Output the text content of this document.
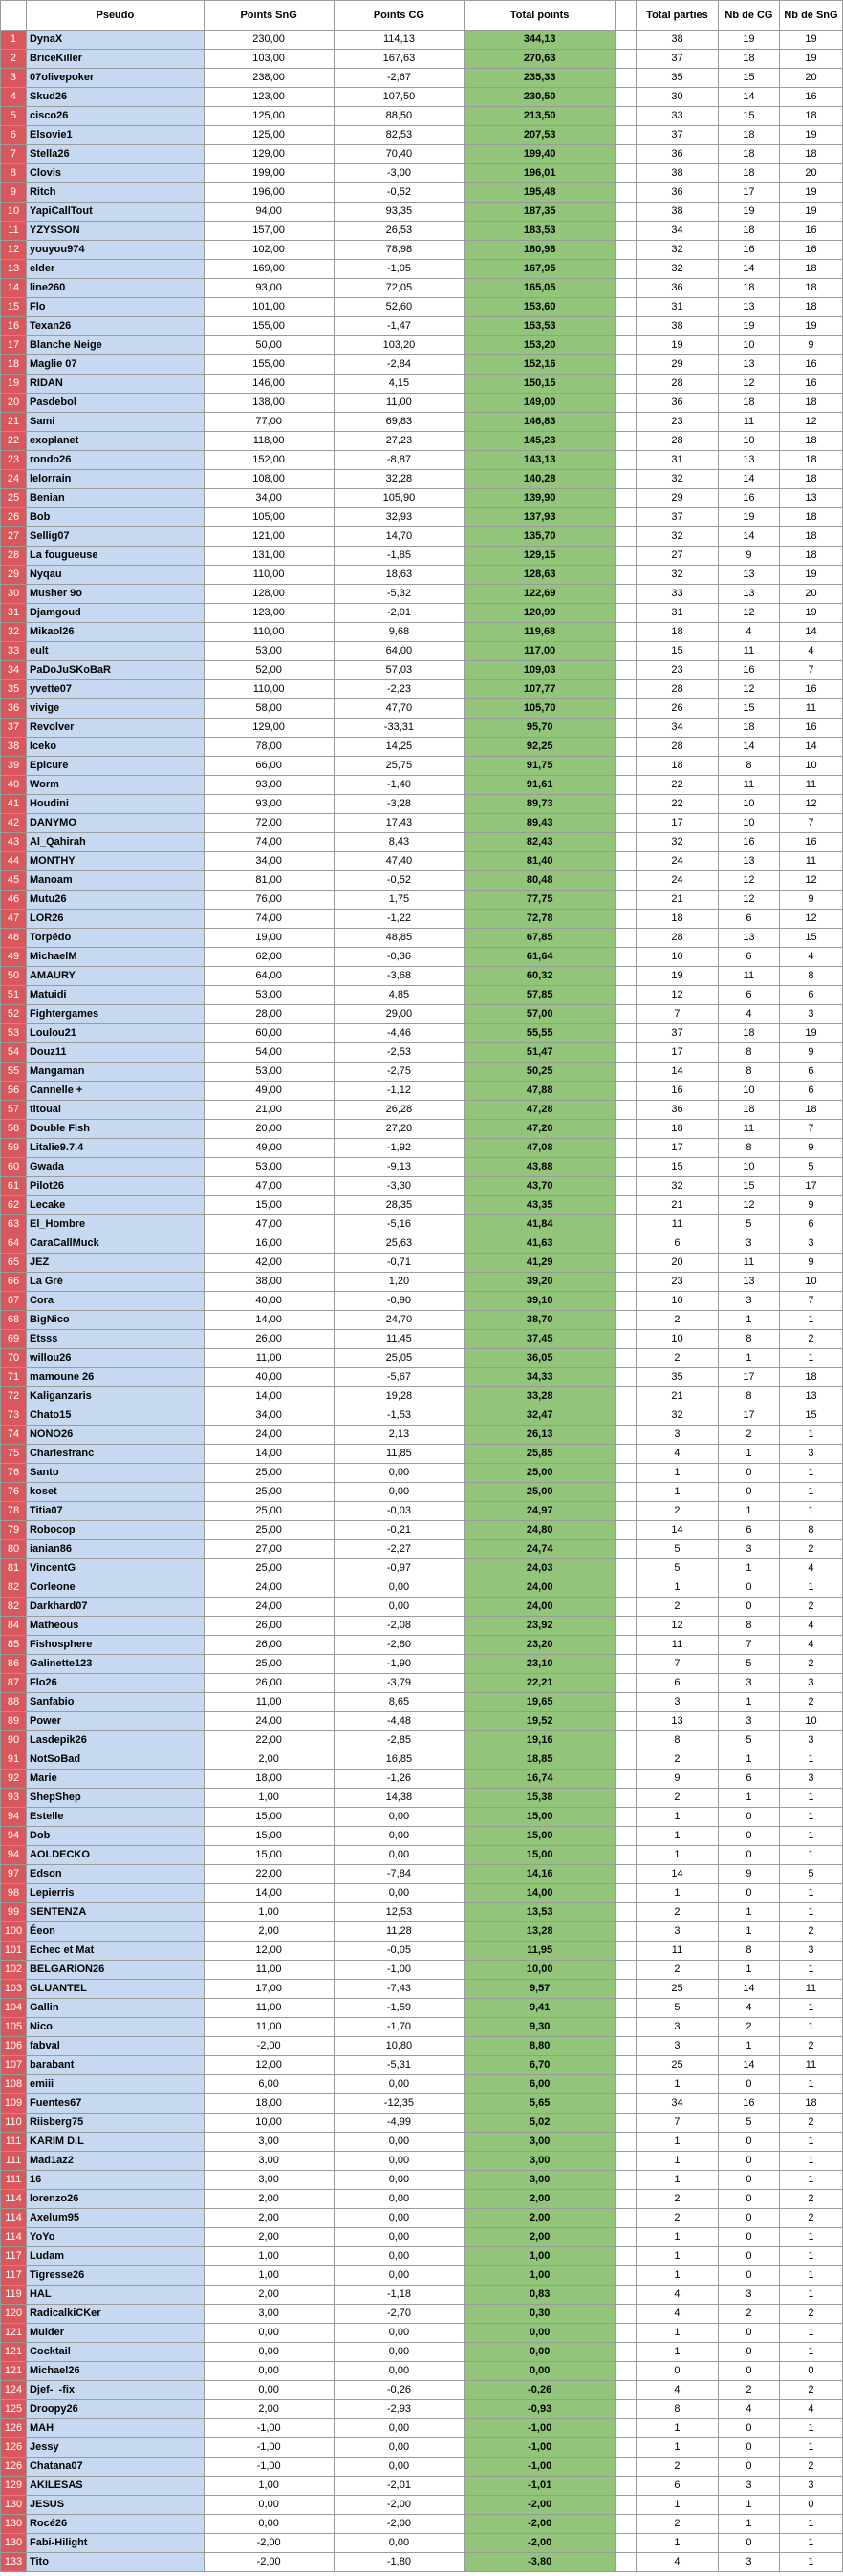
	Pseudo	Points SnG	Points CG	Total points		Total parties	Nb de CG	Nb de SnG
1	DynaX	230,00	114,13	344,13		38	19	19
2	BriceKiller	103,00	167,63	270,63		37	18	19
3	07olivepoker	238,00	-2,67	235,33		35	15	20
4	Skud26	123,00	107,50	230,50		30	14	16
5	cisco26	125,00	88,50	213,50		33	15	18
6	Elsovie1	125,00	82,53	207,53		37	18	19
7	Stella26	129,00	70,40	199,40		36	18	18
8	Clovis	199,00	-3,00	196,01		38	18	20
9	Ritch	196,00	-0,52	195,48		36	17	19
10	YapiCallTout	94,00	93,35	187,35		38	19	19
11	YZYSSON	157,00	26,53	183,53		34	18	16
12	youyou974	102,00	78,98	180,98		32	16	16
13	elder	169,00	-1,05	167,95		32	14	18
14	line260	93,00	72,05	165,05		36	18	18
15	Flo_	101,00	52,60	153,60		31	13	18
16	Texan26	155,00	-1,47	153,53		38	19	19
17	Blanche Neige	50,00	103,20	153,20		19	10	9
18	Maglie 07	155,00	-2,84	152,16		29	13	16
19	RIDAN	146,00	4,15	150,15		28	12	16
20	Pasdebol	138,00	11,00	149,00		36	18	18
21	Sami	77,00	69,83	146,83		23	11	12
22	exoplanet	118,00	27,23	145,23		28	10	18
23	rondo26	152,00	-8,87	143,13		31	13	18
24	lelorrain	108,00	32,28	140,28		32	14	18
25	Benian	34,00	105,90	139,90		29	16	13
26	Bob	105,00	32,93	137,93		37	19	18
27	Sellig07	121,00	14,70	135,70		32	14	18
28	La fougueuse	131,00	-1,85	129,15		27	9	18
29	Nyqau	110,00	18,63	128,63		32	13	19
30	Musher 9o	128,00	-5,32	122,69		33	13	20
31	Djamgoud	123,00	-2,01	120,99		31	12	19
32	Mikaol26	110,00	9,68	119,68		18	4	14
33	eult	53,00	64,00	117,00		15	11	4
34	PaDoJuSKoBaR	52,00	57,03	109,03		23	16	7
35	yvette07	110,00	-2,23	107,77		28	12	16
36	vivige	58,00	47,70	105,70		26	15	11
37	Revolver	129,00	-33,31	95,70		34	18	16
38	Iceko	78,00	14,25	92,25		28	14	14
39	Epicure	66,00	25,75	91,75		18	8	10
40	Worm	93,00	-1,40	91,61		22	11	11
41	Houdini	93,00	-3,28	89,73		22	10	12
42	DANYMO	72,00	17,43	89,43		17	10	7
43	Al_Qahirah	74,00	8,43	82,43		32	16	16
44	MONTHY	34,00	47,40	81,40		24	13	11
45	Manoam	81,00	-0,52	80,48		24	12	12
46	Mutu26	76,00	1,75	77,75		21	12	9
47	LOR26	74,00	-1,22	72,78		18	6	12
48	Torpédo	19,00	48,85	67,85		28	13	15
49	MichaelM	62,00	-0,36	61,64		10	6	4
50	AMAURY	64,00	-3,68	60,32		19	11	8
51	Matuidi	53,00	4,85	57,85		12	6	6
52	Fightergames	28,00	29,00	57,00		7	4	3
53	Loulou21	60,00	-4,46	55,55		37	18	19
54	Douz11	54,00	-2,53	51,47		17	8	9
55	Mangaman	53,00	-2,75	50,25		14	8	6
56	Cannelle +	49,00	-1,12	47,88		16	10	6
57	titoual	21,00	26,28	47,28		36	18	18
58	Double Fish	20,00	27,20	47,20		18	11	7
59	Litalie9.7.4	49,00	-1,92	47,08		17	8	9
60	Gwada	53,00	-9,13	43,88		15	10	5
61	Pilot26	47,00	-3,30	43,70		32	15	17
62	Lecake	15,00	28,35	43,35		21	12	9
63	El_Hombre	47,00	-5,16	41,84		11	5	6
64	CaraCallMuck	16,00	25,63	41,63		6	3	3
65	JEZ	42,00	-0,71	41,29		20	11	9
66	La Gré	38,00	1,20	39,20		23	13	10
67	Cora	40,00	-0,90	39,10		10	3	7
68	BigNico	14,00	24,70	38,70		2	1	1
69	Etsss	26,00	11,45	37,45		10	8	2
70	willou26	11,00	25,05	36,05		2	1	1
71	mamoune 26	40,00	-5,67	34,33		35	17	18
72	Kaliganzaris	14,00	19,28	33,28		21	8	13
73	Chato15	34,00	-1,53	32,47		32	17	15
74	NONO26	24,00	2,13	26,13		3	2	1
75	Charlesfranc	14,00	11,85	25,85		4	1	3
76	Santo	25,00	0,00	25,00		1	0	1
76	koset	25,00	0,00	25,00		1	0	1
78	Titia07	25,00	-0,03	24,97		2	1	1
79	Robocop	25,00	-0,21	24,80		14	6	8
80	ianian86	27,00	-2,27	24,74		5	3	2
81	VincentG	25,00	-0,97	24,03		5	1	4
82	Corleone	24,00	0,00	24,00		1	0	1
82	Darkhard07	24,00	0,00	24,00		2	0	2
84	Matheous	26,00	-2,08	23,92		12	8	4
85	Fishosphere	26,00	-2,80	23,20		11	7	4
86	Galinette123	25,00	-1,90	23,10		7	5	2
87	Flo26	26,00	-3,79	22,21		6	3	3
88	Sanfabio	11,00	8,65	19,65		3	1	2
89	Power	24,00	-4,48	19,52		13	3	10
90	Lasdepik26	22,00	-2,85	19,16		8	5	3
91	NotSoBad	2,00	16,85	18,85		2	1	1
92	Marie	18,00	-1,26	16,74		9	6	3
93	ShepShep	1,00	14,38	15,38		2	1	1
94	Estelle	15,00	0,00	15,00		1	0	1
94	Dob	15,00	0,00	15,00		1	0	1
94	AOLDECKO	15,00	0,00	15,00		1	0	1
97	Edson	22,00	-7,84	14,16		14	9	5
98	Lepierris	14,00	0,00	14,00		1	0	1
99	SENTENZA	1,00	12,53	13,53		2	1	1
100	Éeon	2,00	11,28	13,28		3	1	2
101	Echec et Mat	12,00	-0,05	11,95		11	8	3
102	BELGARION26	11,00	-1,00	10,00		2	1	1
103	GLUANTEL	17,00	-7,43	9,57		25	14	11
104	Gallin	11,00	-1,59	9,41		5	4	1
105	Nico	11,00	-1,70	9,30		3	2	1
106	fabval	-2,00	10,80	8,80		3	1	2
107	barabant	12,00	-5,31	6,70		25	14	11
108	emiii	6,00	0,00	6,00		1	0	1
109	Fuentes67	18,00	-12,35	5,65		34	16	18
110	Riisberg75	10,00	-4,99	5,02		7	5	2
111	KARIM D.L	3,00	0,00	3,00		1	0	1
111	Mad1az2	3,00	0,00	3,00		1	0	1
111	16	3,00	0,00	3,00		1	0	1
114	lorenzo26	2,00	0,00	2,00		2	0	2
114	Axelum95	2,00	0,00	2,00		2	0	2
114	YoYo	2,00	0,00	2,00		1	0	1
117	Ludam	1,00	0,00	1,00		1	0	1
117	Tigresse26	1,00	0,00	1,00		1	0	1
119	HAL	2,00	-1,18	0,83		4	3	1
120	RadicalkiCKer	3,00	-2,70	0,30		4	2	2
121	Mulder	0,00	0,00	0,00		1	0	1
121	Cocktail	0,00	0,00	0,00		1	0	1
121	Michael26	0,00	0,00	0,00		0	0	0
124	Djef-_-fix	0,00	-0,26	-0,26		4	2	2
125	Droopy26	2,00	-2,93	-0,93		8	4	4
126	MAH	-1,00	0,00	-1,00		1	0	1
126	Jessy	-1,00	0,00	-1,00		1	0	1
126	Chatana07	-1,00	0,00	-1,00		2	0	2
129	AKILESAS	1,00	-2,01	-1,01		6	3	3
130	JESUS	0,00	-2,00	-2,00		1	1	0
130	Rocé26	0,00	-2,00	-2,00		2	1	1
130	Fabi-Hilight	-2,00	0,00	-2,00		1	0	1
133	Tito	-2,00	-1,80	-3,80		4	3	1
